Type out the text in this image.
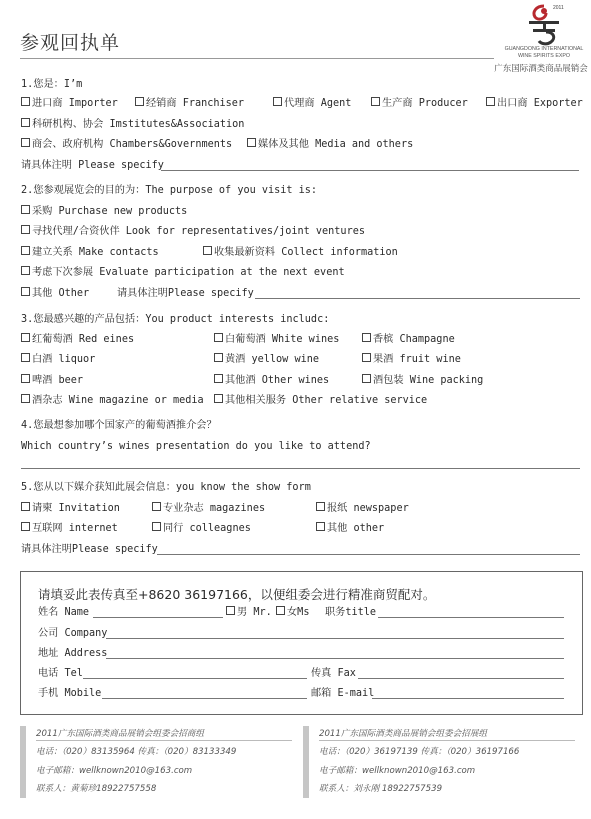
参观回执单
2011
GUANGDONG INTERNATIONAL
WINE SPIRITS EXPO
广东国际酒类商品展销会
1.您是：I’m
进口商 Importer	经销商 Franchiser	代理商 Agent	生产商 Producer	出口商 Exporter
科研机构、协会 Imstitutes&Association
商会、政府机构 Chambers&Governments	媒体及其他 Media and others
请具体注明 Please specify
2.您参观展览会的目的为：The purpose of you visit is:
采购 Purchase new products
寻找代理/合资伙伴 Look for representatives/joint ventures
建立关系 Make contacts	收集最新资料 Collect information
考虑下次参展 Evaluate participation at the next event
其他 Other	请具体注明Please specify
3.您最感兴趣的产品包括：You product interests includc:
红葡萄酒 Red eines	白葡萄酒 White wines	香槟 Champagne
白酒 liquor	黄酒 yellow wine	果酒 fruit wine
啤酒 beer	其他酒 Other wines	酒包装 Wine packing
酒杂志 Wine magazine or media	其他相关服务 Other relative service
4.您最想参加哪个国家产的葡萄酒推介会？
Which country’s wines presentation do you like to attend?
5.您从以下媒介获知此展会信息：you know the show form
请柬 Invitation	专业杂志 magazines	报纸 newspaper
互联网 internet	同行 colleagnes	其他 other
请具体注明Please specify
请填妥此表传真至+8620 36197166，以便组委会进行精准商贸配对。
姓名 Name	男 Mr.	女Ms 职务title
公司 Company
地址 Address
电话 Tel	传真 Fax
手机 Mobile	邮箱 E-mail
2011广东国际酒类商品展销会组委会招商组
电话：（020）83135964 传真：（020）83133349
电子邮箱：wellknown2010@163.com
联系人：黄菊珍18922757558
2011广东国际酒类商品展销会组委会招展组
电话：（020）36197139 传真：（020）36197166
电子邮箱：wellknown2010@163.com
联系人：刘永刚 18922757539
